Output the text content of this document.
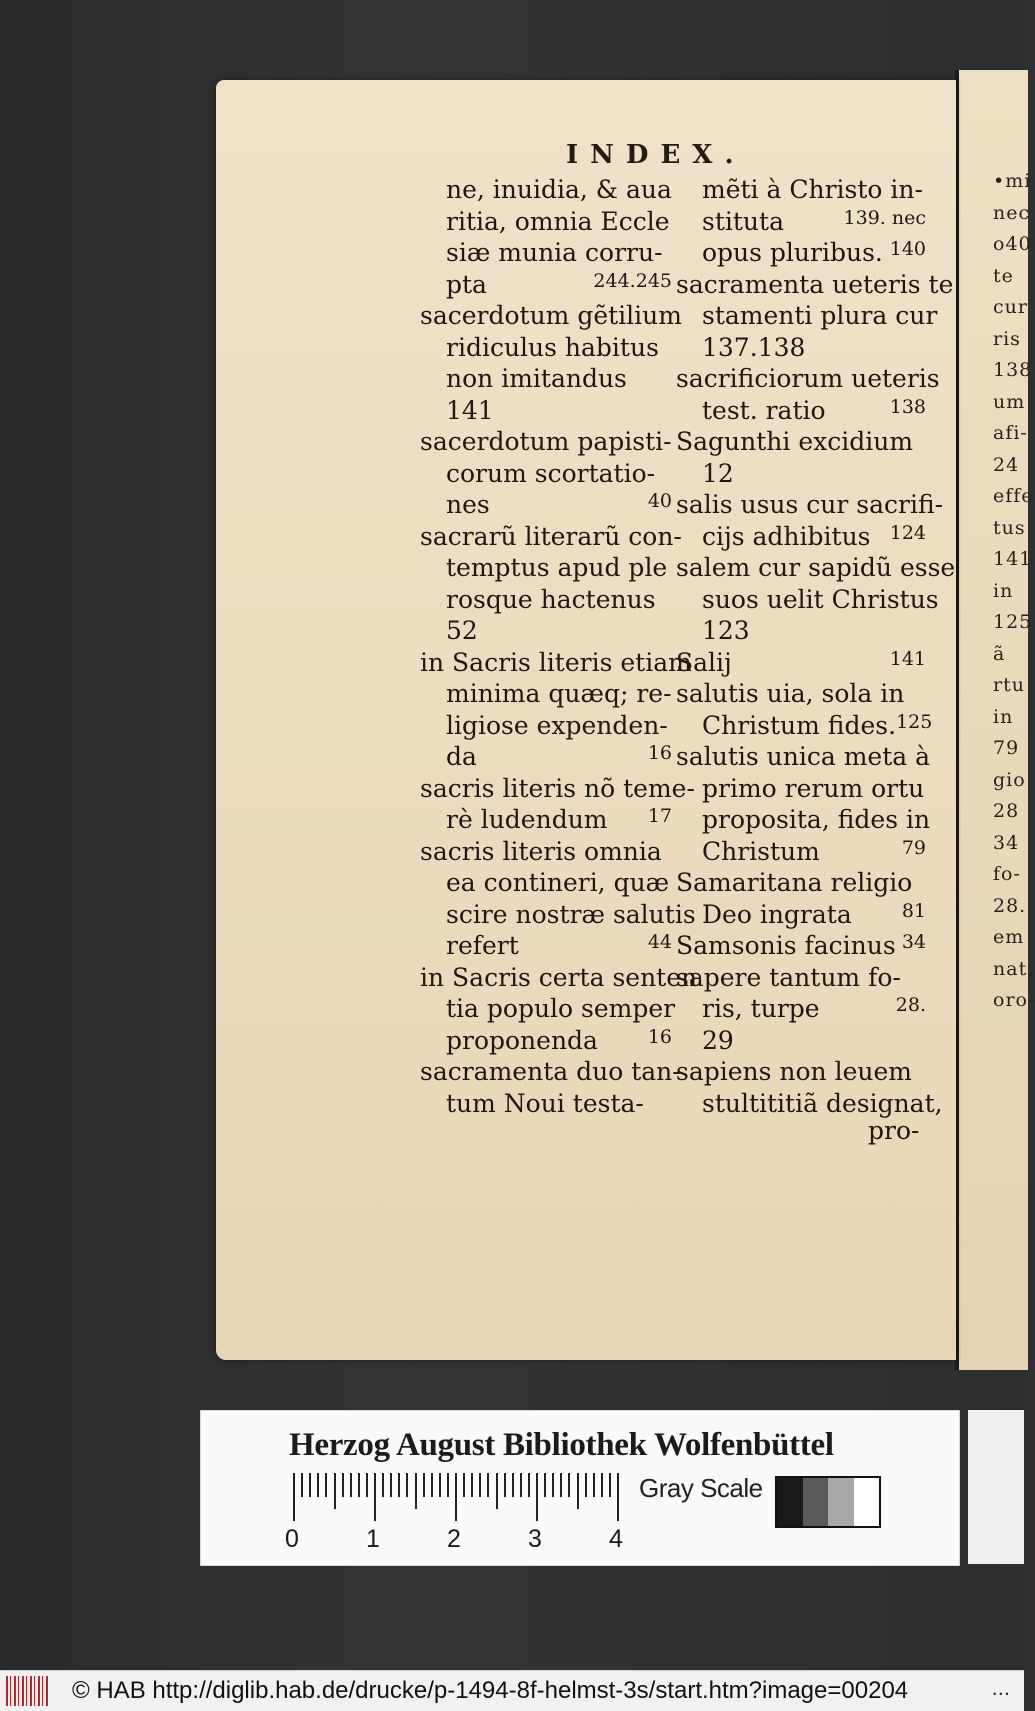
•mi
nec
o40
te
cur
ris
138
um
afi-
24
effe
tus
141
in
125
ã
rtu
in
79
gio
28
34
fo-
28.
em
nat,
oro-
INDEX.
ne, inuidia, & aua
ritia, omnia Eccle
siæ munia corru-
pta	244.245
sacerdotum gẽtilium
ridiculus habitus
non imitandus
141
sacerdotum papisti-
corum scortatio-
nes	40
sacrarũ literarũ con-
temptus apud ple
rosque hactenus
52
in Sacris literis etiam
minima quæq; re-
ligiose expenden-
da	16
sacris literis nõ teme-
rè ludendum 17
sacris literis omnia
ea contineri, quæ
scire nostræ salutis
refert	44
in Sacris certa senten
tia populo semper
proponenda	16
sacramenta duo tan-
tum Noui testa-
mẽti à Christo in-
stituta	139. nec
opus pluribus. 140
sacramenta ueteris te
stamenti plura cur
137.138
sacrificiorum ueteris
test. ratio	138
Saguntһi excidium
12
salis usus cur sacrifi-
cijs adhibitus 124
salem cur sapidũ esse
suos uelit Christus
123
Salij	141
salutis uia, sola in
Christum fides. 125
salutis unica meta à
primo rerum ortu
proposita, fides in
Christum	79
Samaritana religio
Deo ingrata	81
Samsonis facinus 34
sapere tantum fo-
ris, turpe	28.
29
sapiens non leuem
stultititiã designat,
pro-
Herzog August Bibliothek Wolfenbüttel
0	1	2	3	4
Gray Scale
© HAB http://diglib.hab.de/drucke/p-1494-8f-helmst-3s/start.htm?image=00204	...
